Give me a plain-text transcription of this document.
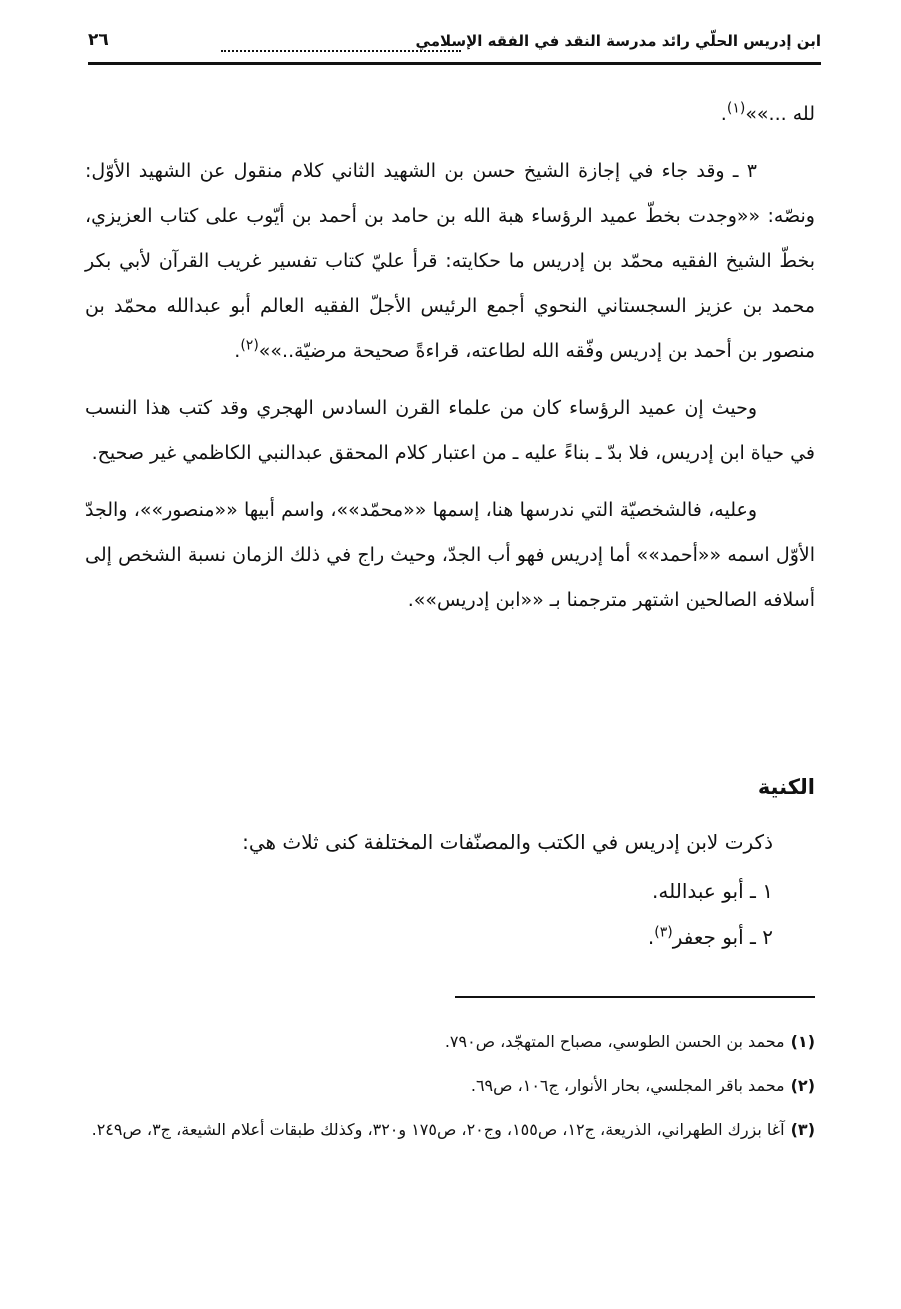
ابن إدريس الحلّي رائد مدرسة النقد في الفقه الإسلامي
٢٦

لله ...»»$^{(١)}$.

٣ ـ وقد جاء في إجازة الشيخ حسن بن الشهيد الثاني كلام منقول عن الشهيد الأوّل: ونصّه: ««وجدت بخطّ عميد الرؤساء هبة الله بن حامد بن أحمد بن أيّوب على كتاب العزيزي، بخطّ الشيخ الفقيه محمّد بن إدريس ما حكايته: قرأ عليّ كتاب تفسير غريب القرآن لأبي بكر محمد بن عزيز السجستاني النحوي أجمع الرئيس الأجلّ الفقيه العالم أبو عبدالله محمّد بن منصور بن أحمد بن إدريس وفّقه الله لطاعته، قراءةً صحيحة مرضيّة..»»$^{(٢)}$.

وحيث إن عميد الرؤساء كان من علماء القرن السادس الهجري وقد كتب هذا النسب في حياة ابن إدريس، فلا بدّ ـ بناءً عليه ـ من اعتبار كلام المحقق عبدالنبي الكاظمي غير صحيح.

وعليه، فالشخصيّة التي ندرسها هنا، إسمها ««محمّد»»، واسم أبيها ««منصور»»، والجدّ الأوّل اسمه ««أحمد»» أما إدريس فهو أب الجدّ، وحيث راج في ذلك الزمان نسبة الشخص إلى أسلافه الصالحين اشتهر مترجمنا بـ ««ابن إدريس»».

الكنية

ذكرت لابن إدريس في الكتب والمصنّفات المختلفة كنى ثلاث هي:

١ ـ أبو عبدالله.
٢ ـ أبو جعفر$^{(٣)}$.

(١)محمد بن الحسن الطوسي، مصباح المتهجّد، ص٧٩٠.

(٢)محمد باقر المجلسي، بحار الأنوار، ج١٠٦، ص٦٩.

(٣)آغا بزرك الطهراني، الذريعة، ج١٢، ص١٥٥، وج٢٠، ص١٧٥ و٣٢٠، وكذلك طبقات أعلام الشيعة، ج٣، ص٢٤٩.
